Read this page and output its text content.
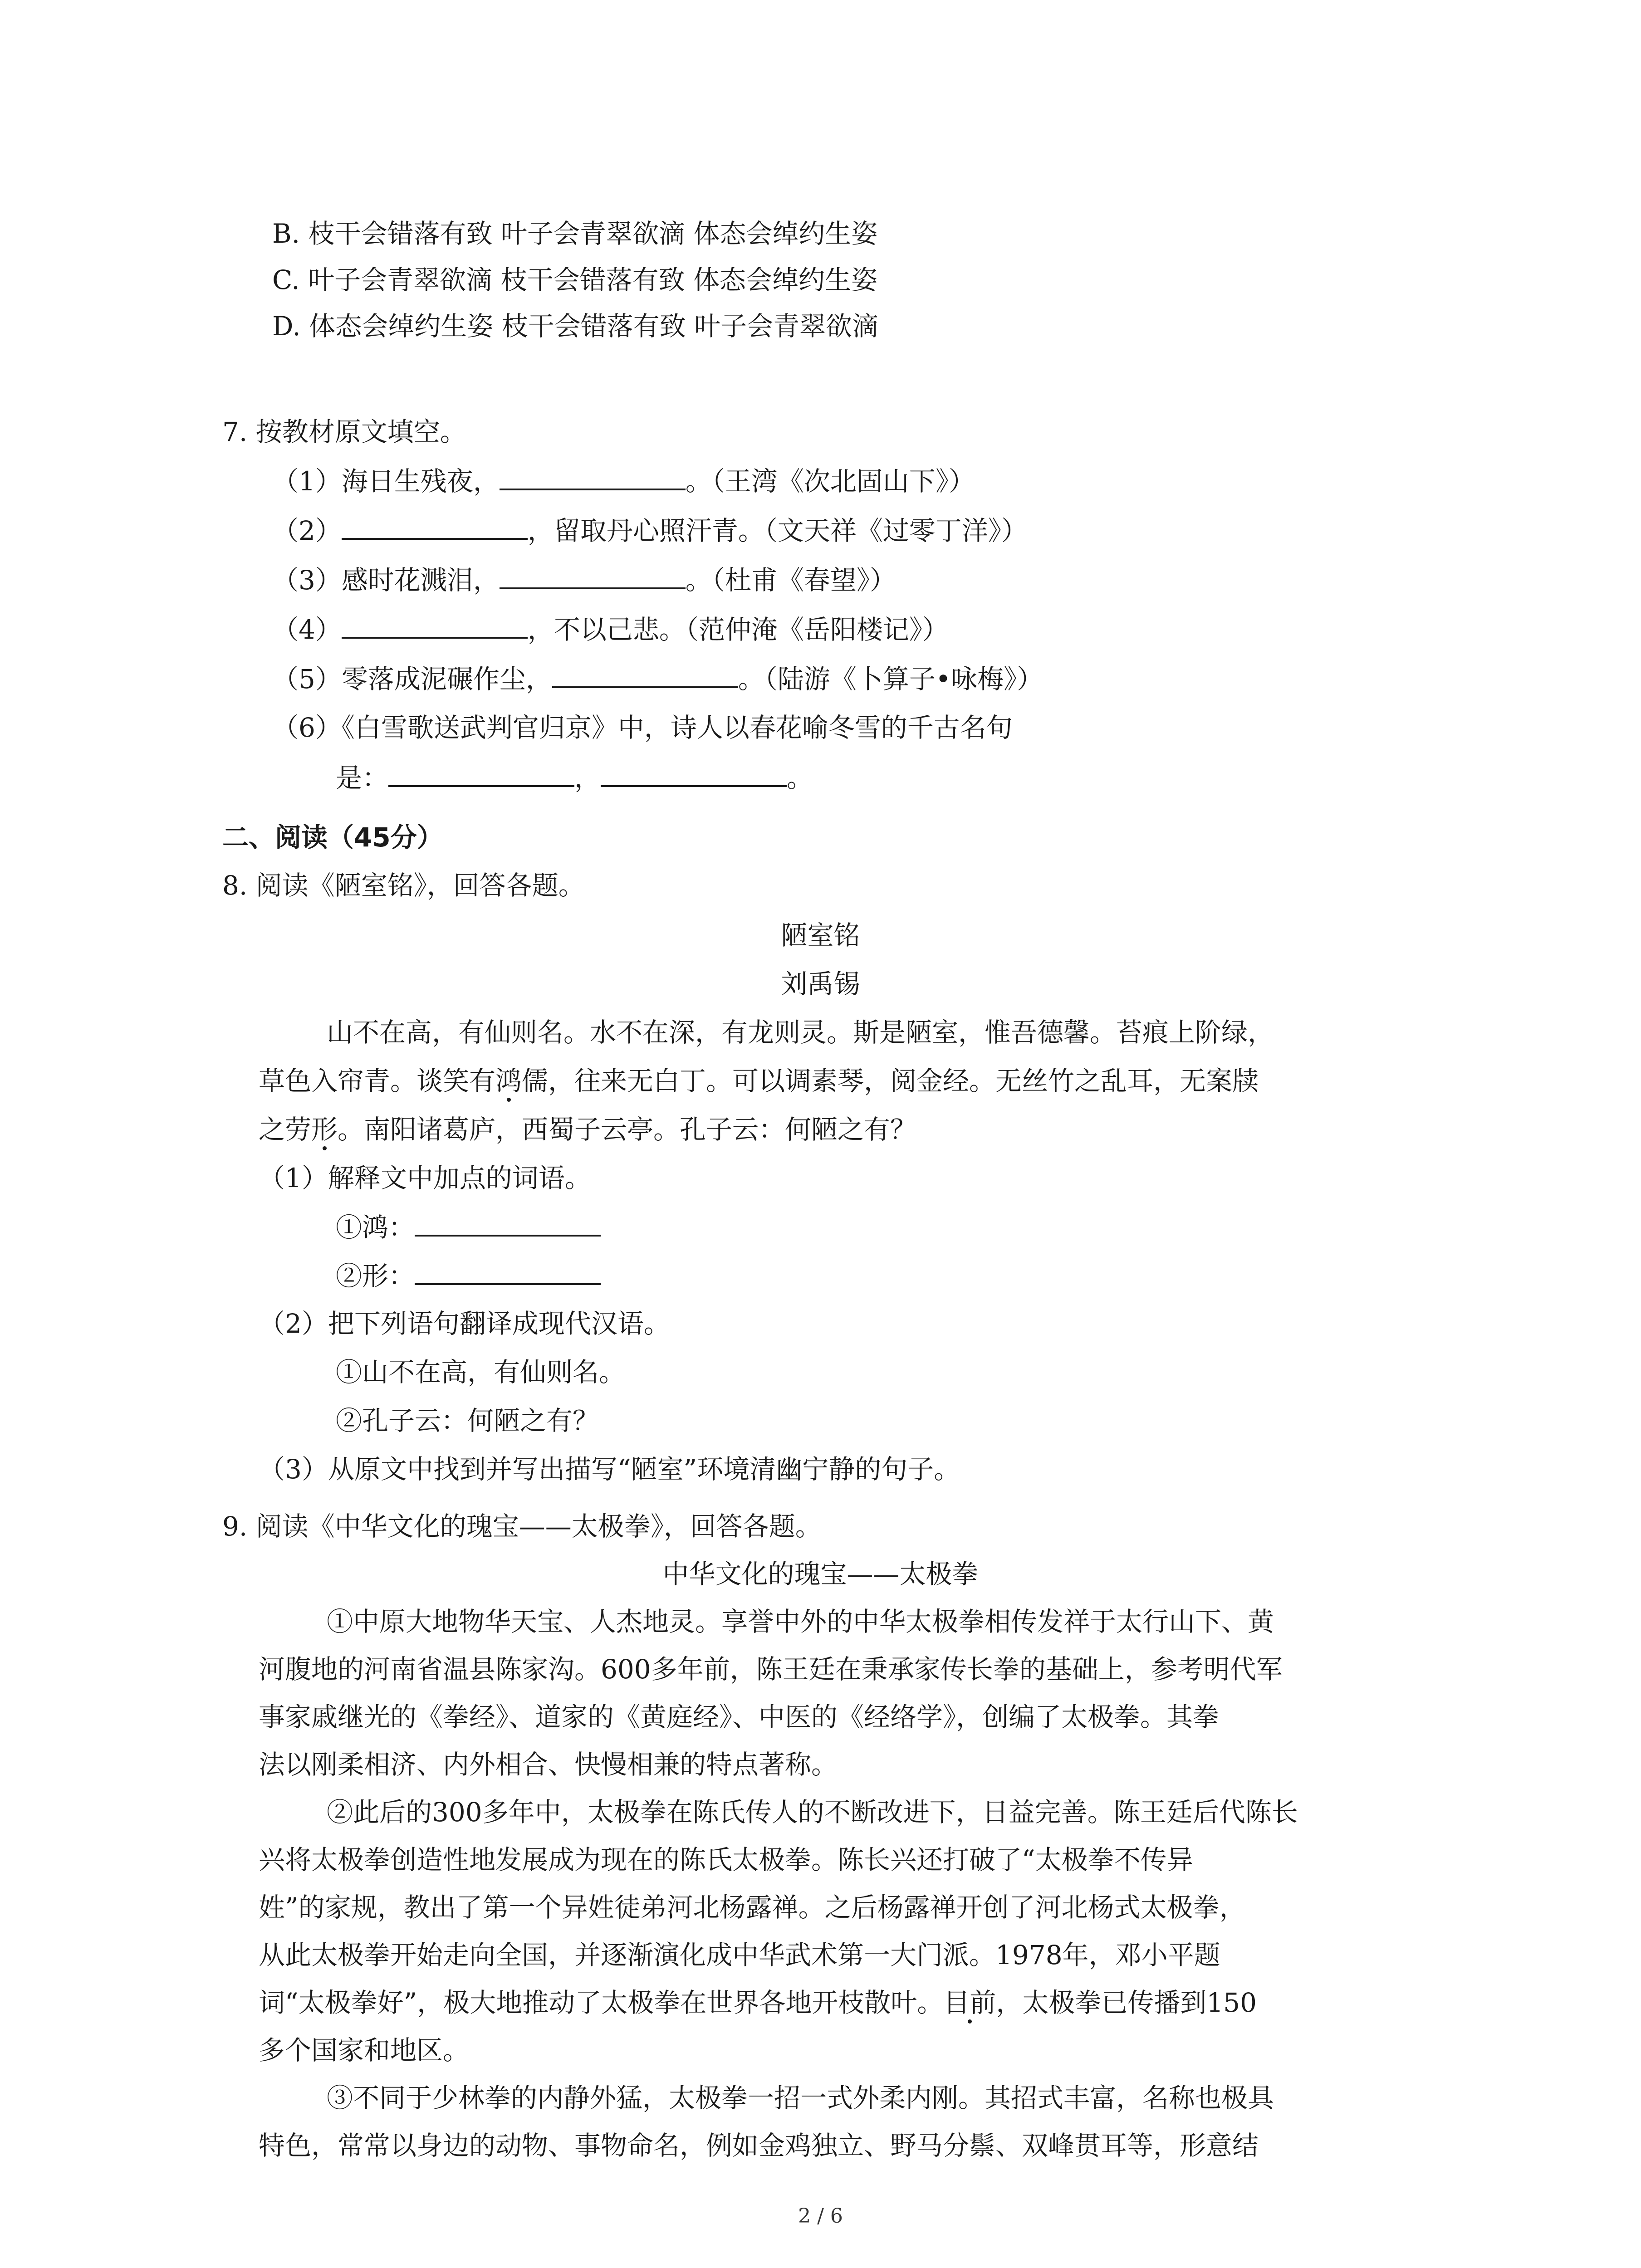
B. 枝干会错落有致 叶子会青翠欲滴 体态会绰约生姿
C. 叶子会青翠欲滴 枝干会错落有致 体态会绰约生姿
D. 体态会绰约生姿 枝干会错落有致 叶子会青翠欲滴
7. 按教材原文填空。
（1）海日生残夜，	。（王湾《次北固山下》）
（2）	，留取丹心照汗青。（文天祥《过零丁洋》）
（3）感时花溅泪，	。（杜甫《春望》）
（4）	，不以己悲。（范仲淹《岳阳楼记》）
（5）零落成泥碾作尘，	。（陆游《卜算子•咏梅》）
（6）《白雪歌送武判官归京》中，诗人以春花喻冬雪的千古名句
是：	，	。
二、阅读（45分）
8. 阅读《陋室铭》，回答各题。
陋室铭
刘禹锡
山不在高，有仙则名。水不在深，有龙则灵。斯是陋室，惟吾德馨。苔痕上阶绿，
草色入帘青。谈笑有鸿儒，往来无白丁。可以调素琴，阅金经。无丝竹之乱耳，无案牍
之劳形。南阳诸葛庐，西蜀子云亭。孔子云：何陋之有？
（1）解释文中加点的词语。
①鸿：
②形：
（2）把下列语句翻译成现代汉语。
①山不在高，有仙则名。
②孔子云：何陋之有？
（3）从原文中找到并写出描写“陋室”环境清幽宁静的句子。
9. 阅读《中华文化的瑰宝——太极拳》，回答各题。
中华文化的瑰宝——太极拳
①中原大地物华天宝、人杰地灵。享誉中外的中华太极拳相传发祥于太行山下、黄
河腹地的河南省温县陈家沟。600多年前，陈王廷在秉承家传长拳的基础上，参考明代军
事家戚继光的《拳经》、道家的《黄庭经》、中医的《经络学》，创编了太极拳。其拳
法以刚柔相济、内外相合、快慢相兼的特点著称。
②此后的300多年中，太极拳在陈氏传人的不断改进下，日益完善。陈王廷后代陈长
兴将太极拳创造性地发展成为现在的陈氏太极拳。陈长兴还打破了“太极拳不传异
姓”的家规，教出了第一个异姓徒弟河北杨露禅。之后杨露禅开创了河北杨式太极拳，
从此太极拳开始走向全国，并逐渐演化成中华武术第一大门派。1978年，邓小平题
词“太极拳好”，极大地推动了太极拳在世界各地开枝散叶。目前，太极拳已传播到150
多个国家和地区。
③不同于少林拳的内静外猛，太极拳一招一式外柔内刚。其招式丰富，名称也极具
特色，常常以身边的动物、事物命名，例如金鸡独立、野马分鬃、双峰贯耳等，形意结
2 / 6
